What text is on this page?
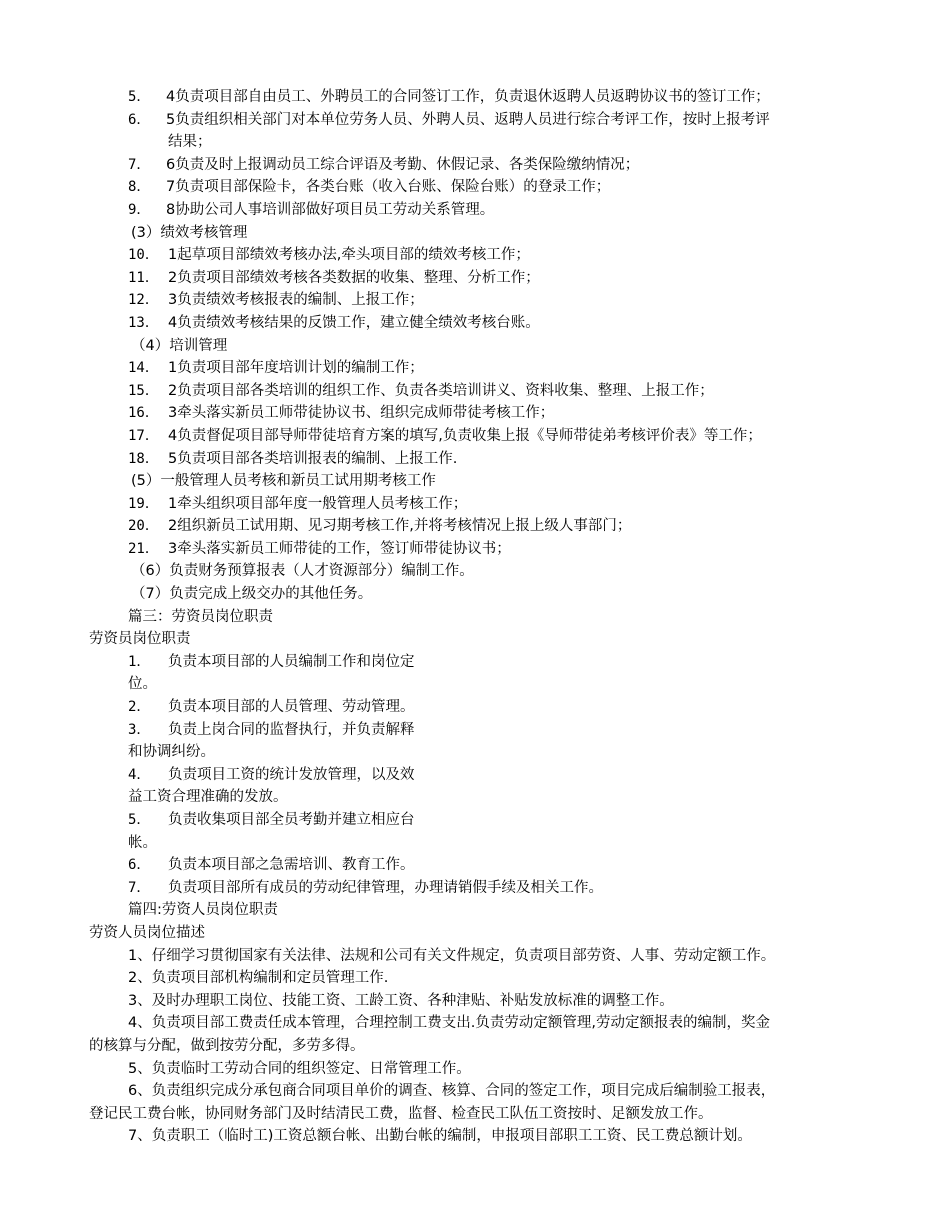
5． 4负责项目部自由员工、外聘员工的合同签订工作，负责退休返聘人员返聘协议书的签订工作；
6． 5负责组织相关部门对本单位劳务人员、外聘人员、返聘人员进行综合考评工作，按时上报考评
结果；
7． 6负责及时上报调动员工综合评语及考勤、休假记录、各类保险缴纳情况；
8． 7负责项目部保险卡，各类台账（收入台账、保险台账）的登录工作；
9． 8协助公司人事培训部做好项目员工劳动关系管理。
(3）绩效考核管理
10． 1起草项目部绩效考核办法,牵头项目部的绩效考核工作；
11． 2负责项目部绩效考核各类数据的收集、整理、分析工作；
12． 3负责绩效考核报表的编制、上报工作；
13． 4负责绩效考核结果的反馈工作，建立健全绩效考核台账。
（4）培训管理
14． 1负责项目部年度培训计划的编制工作；
15． 2负责项目部各类培训的组织工作、负责各类培训讲义、资料收集、整理、上报工作；
16． 3牵头落实新员工师带徒协议书、组织完成师带徒考核工作；
17． 4负责督促项目部导师带徒培育方案的填写,负责收集上报《导师带徒弟考核评价表》等工作；
18． 5负责项目部各类培训报表的编制、上报工作.
(5）一般管理人员考核和新员工试用期考核工作
19． 1牵头组织项目部年度一般管理人员考核工作；
20． 2组织新员工试用期、见习期考核工作,并将考核情况上报上级人事部门；
21． 3牵头落实新员工师带徒的工作，签订师带徒协议书；
（6）负责财务预算报表（人才资源部分）编制工作。
（7）负责完成上级交办的其他任务。
篇三：劳资员岗位职责
劳资员岗位职责
1． 负责本项目部的人员编制工作和岗位定
位。
2． 负责本项目部的人员管理、劳动管理。
3． 负责上岗合同的监督执行，并负责解释
和协调纠纷。
4． 负责项目工资的统计发放管理，以及效
益工资合理准确的发放。
5． 负责收集项目部全员考勤并建立相应台
帐。
6． 负责本项目部之急需培训、教育工作。
7． 负责项目部所有成员的劳动纪律管理，办理请销假手续及相关工作。
篇四:劳资人员岗位职责
劳资人员岗位描述
1、仔细学习贯彻国家有关法律、法规和公司有关文件规定，负责项目部劳资、人事、劳动定额工作。
2、负责项目部机构编制和定员管理工作.
3、及时办理职工岗位、技能工资、工龄工资、各种津贴、补贴发放标准的调整工作。
4、负责项目部工费责任成本管理，合理控制工费支出.负责劳动定额管理,劳动定额报表的编制，奖金
的核算与分配，做到按劳分配，多劳多得。
5、负责临时工劳动合同的组织签定、日常管理工作。
6、负责组织完成分承包商合同项目单价的调查、核算、合同的签定工作，项目完成后编制验工报表，
登记民工费台帐，协同财务部门及时结清民工费，监督、检查民工队伍工资按时、足额发放工作。
7、负责职工（临时工)工资总额台帐、出勤台帐的编制，申报项目部职工工资、民工费总额计划。
